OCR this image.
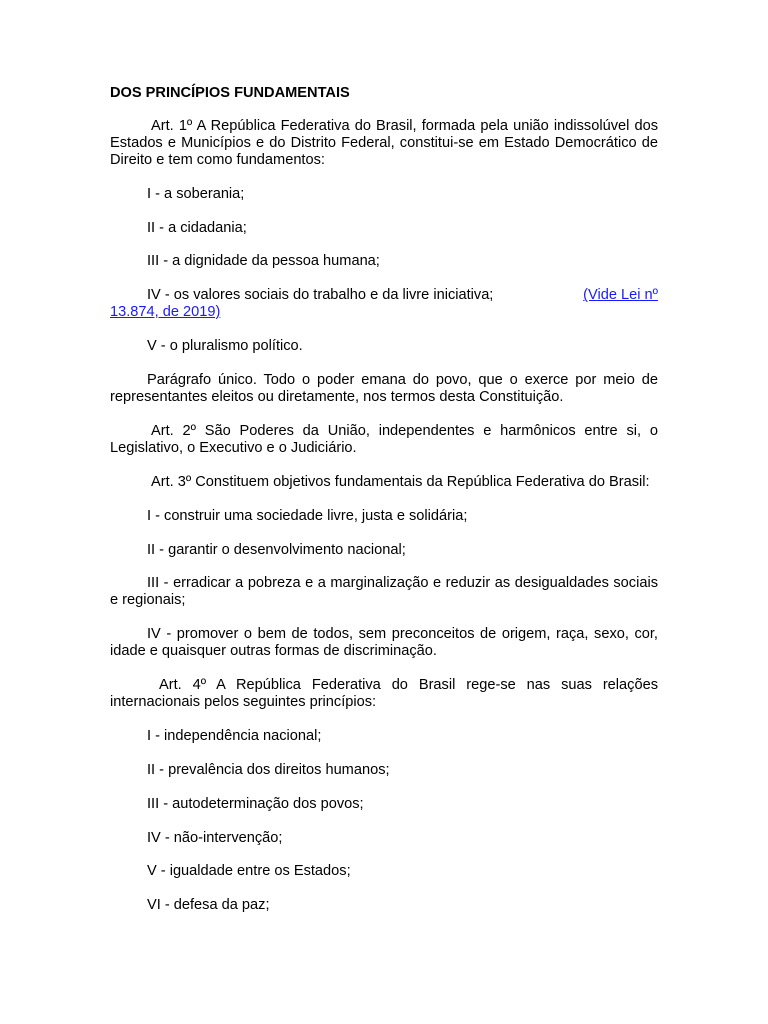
DOS PRINCÍPIOS FUNDAMENTAIS
Art. 1º A República Federativa do Brasil, formada pela união indissolúvel dos Estados e Municípios e do Distrito Federal, constitui-se em Estado Democrático de Direito e tem como fundamentos:
I - a soberania;
II - a cidadania;
III - a dignidade da pessoa humana;
IV - os valores sociais do trabalho e da livre iniciativa;	(Vide Lei nº
13.874, de 2019)
V - o pluralismo político.
Parágrafo único. Todo o poder emana do povo, que o exerce por meio de representantes eleitos ou diretamente, nos termos desta Constituição.
Art. 2º São Poderes da União, independentes e harmônicos entre si, o Legislativo, o Executivo e o Judiciário.
Art. 3º Constituem objetivos fundamentais da República Federativa do Brasil:
I - construir uma sociedade livre, justa e solidária;
II - garantir o desenvolvimento nacional;
III - erradicar a pobreza e a marginalização e reduzir as desigualdades sociais e regionais;
IV - promover o bem de todos, sem preconceitos de origem, raça, sexo, cor, idade e quaisquer outras formas de discriminação.
Art. 4º A República Federativa do Brasil rege-se nas suas relações internacionais pelos seguintes princípios:
I - independência nacional;
II - prevalência dos direitos humanos;
III - autodeterminação dos povos;
IV - não-intervenção;
V - igualdade entre os Estados;
VI - defesa da paz;
